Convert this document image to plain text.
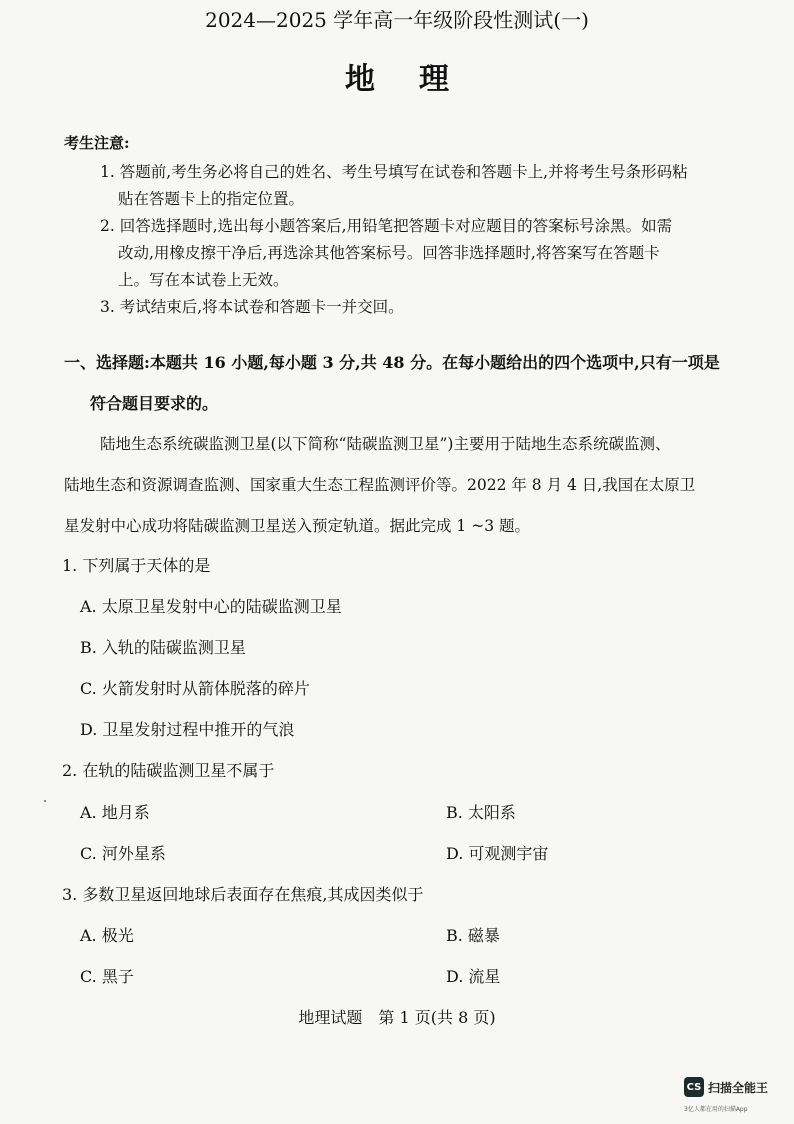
2024—2025 学年高一年级阶段性测试(一)
地理
考生注意:
1. 答题前,考生务必将自己的姓名、考生号填写在试卷和答题卡上,并将考生号条形码粘
贴在答题卡上的指定位置。
2. 回答选择题时,选出每小题答案后,用铅笔把答题卡对应题目的答案标号涂黑。如需
改动,用橡皮擦干净后,再选涂其他答案标号。回答非选择题时,将答案写在答题卡
上。写在本试卷上无效。
3. 考试结束后,将本试卷和答题卡一并交回。
一、选择题:本题共 16 小题,每小题 3 分,共 48 分。在每小题给出的四个选项中,只有一项是
符合题目要求的。
陆地生态系统碳监测卫星(以下简称“陆碳监测卫星”)主要用于陆地生态系统碳监测、
陆地生态和资源调查监测、国家重大生态工程监测评价等。2022 年 8 月 4 日,我国在太原卫
星发射中心成功将陆碳监测卫星送入预定轨道。据此完成 1 ~3 题。
1. 下列属于天体的是
A. 太原卫星发射中心的陆碳监测卫星
B. 入轨的陆碳监测卫星
C. 火箭发射时从箭体脱落的碎片
D. 卫星发射过程中推开的气浪
2. 在轨的陆碳监测卫星不属于
A. 地月系	B. 太阳系
C. 河外星系	D. 可观测宇宙
3. 多数卫星返回地球后表面存在焦痕,其成因类似于
A. 极光	B. 磁暴
C. 黑子	D. 流星
地理试题　第 1 页(共 8 页)
CS 扫描全能王
3亿人都在用的扫描App
